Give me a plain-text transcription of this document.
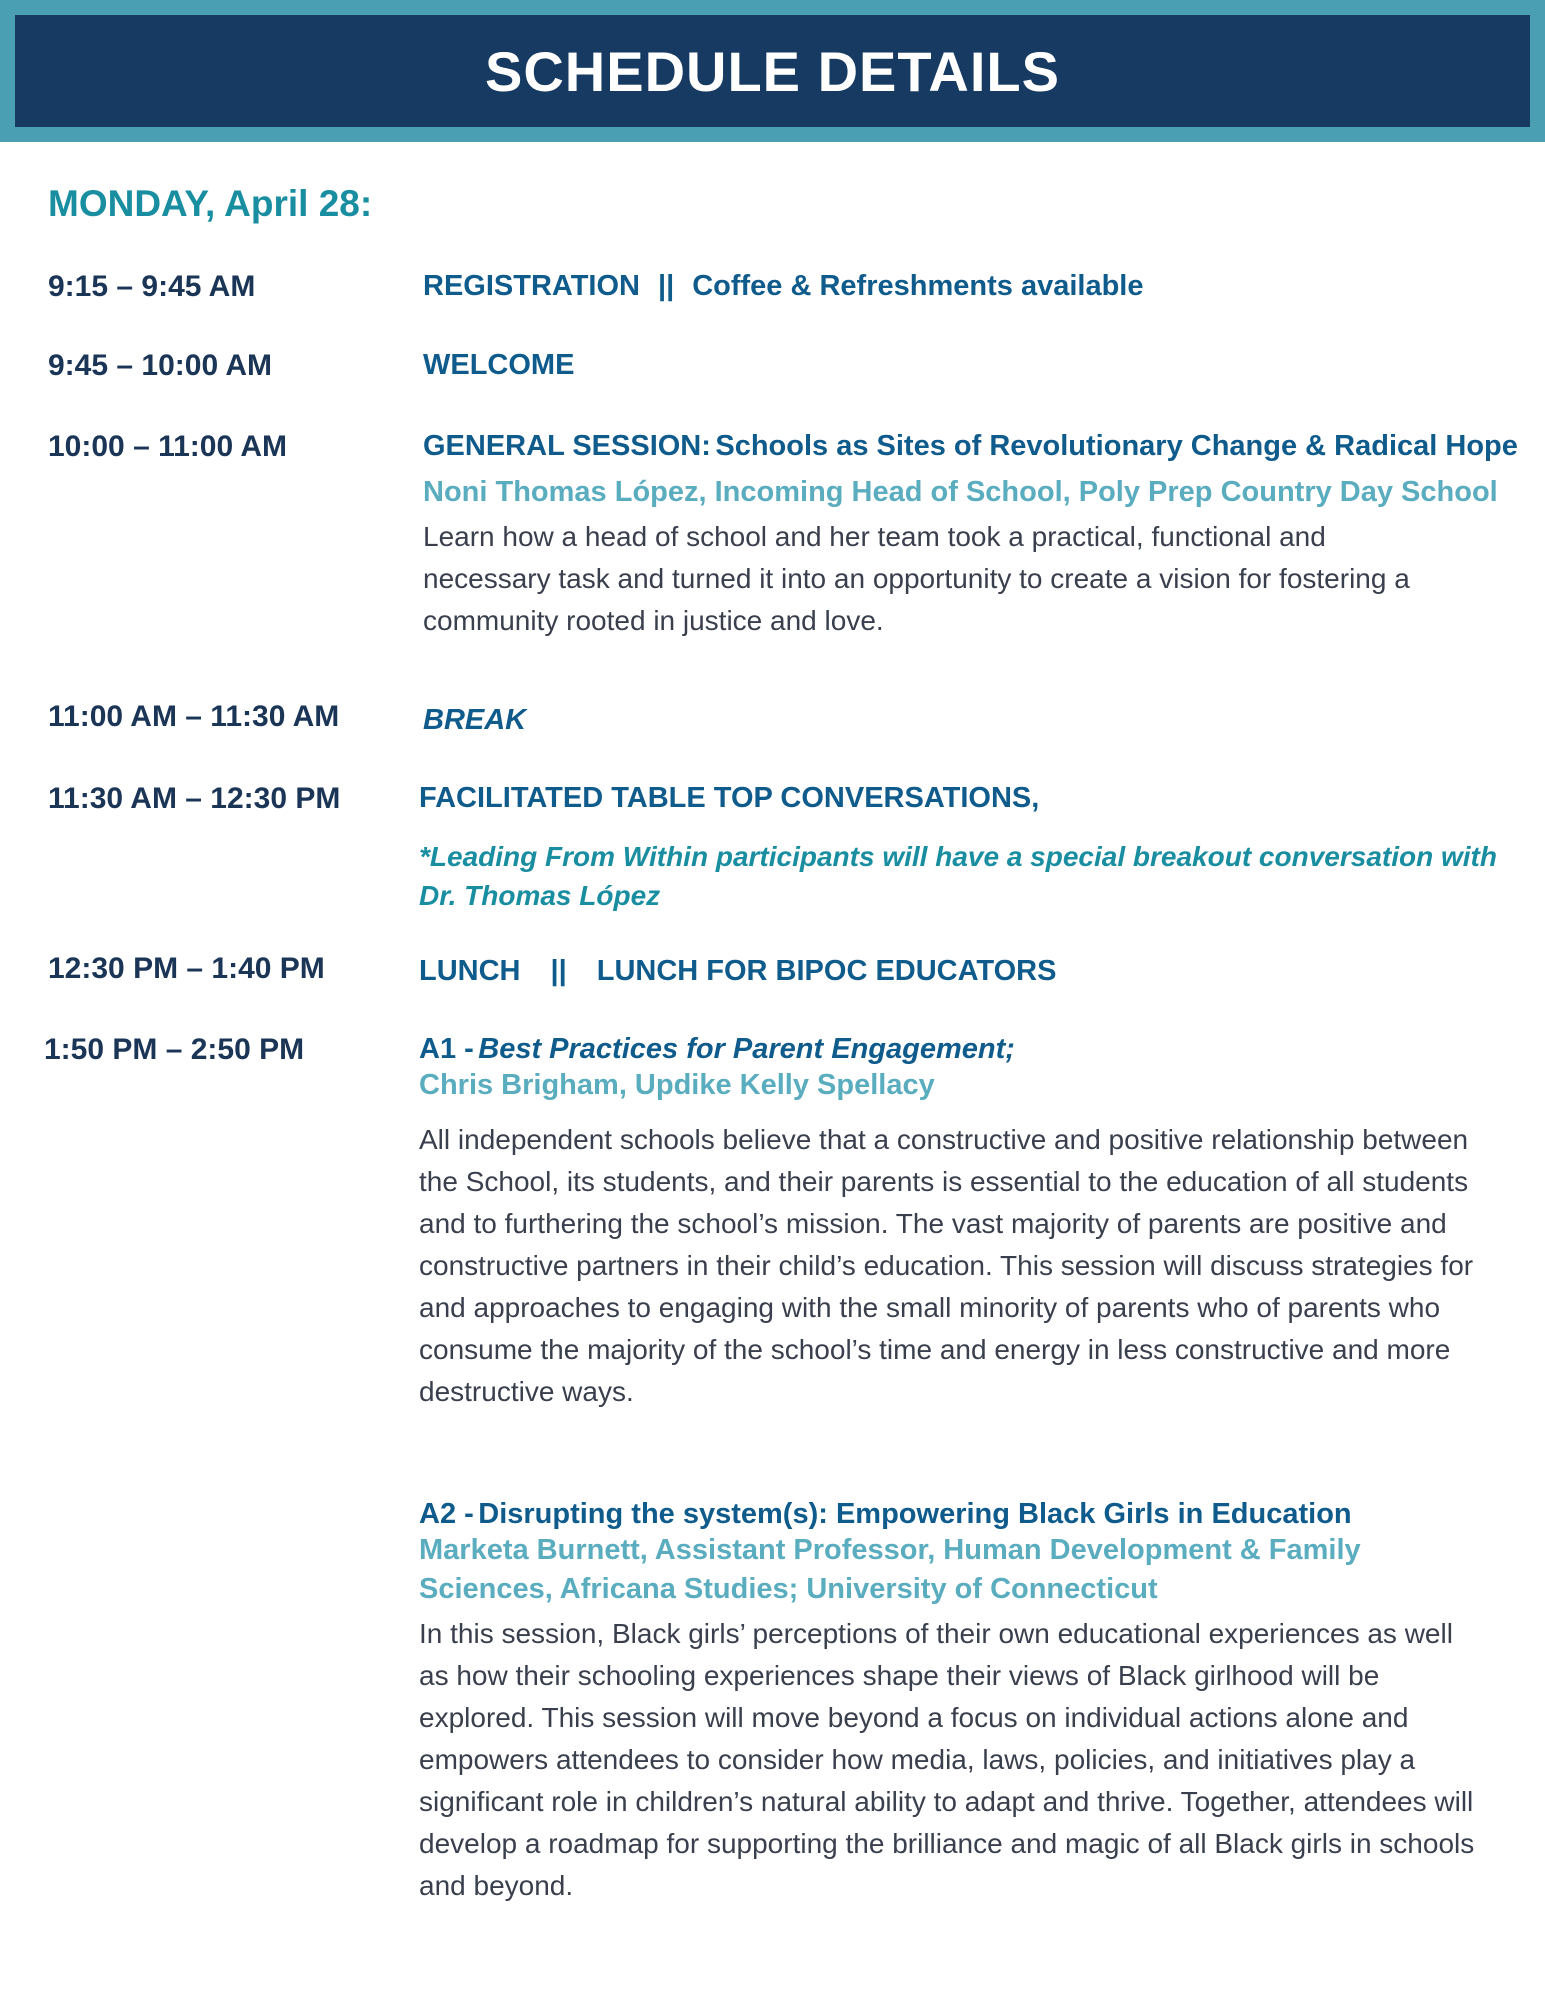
SCHEDULE DETAILS
MONDAY, April 28:
9:15 – 9:45 AM	REGISTRATION || Coffee & Refreshments available
9:45 – 10:00 AM	WELCOME
10:00 – 11:00 AM	GENERAL SESSION: Schools as Sites of Revolutionary Change & Radical Hope
Noni Thomas López, Incoming Head of School, Poly Prep Country Day School
Learn how a head of school and her team took a practical, functional and necessary task and turned it into an opportunity to create a vision for fostering a community rooted in justice and love.
11:00 AM – 11:30 AM	BREAK
11:30 AM – 12:30 PM	FACILITATED TABLE TOP CONVERSATIONS,
*Leading From Within participants will have a special breakout conversation with Dr. Thomas López
12:30 PM – 1:40 PM	LUNCH || LUNCH FOR BIPOC EDUCATORS
1:50 PM – 2:50 PM	A1 - Best Practices for Parent Engagement;
Chris Brigham, Updike Kelly Spellacy
All independent schools believe that a constructive and positive relationship between the School, its students, and their parents is essential to the education of all students and to furthering the school’s mission. The vast majority of parents are positive and constructive partners in their child’s education. This session will discuss strategies for and approaches to engaging with the small minority of parents who of parents who consume the majority of the school’s time and energy in less constructive and more destructive ways.
A2 - Disrupting the system(s): Empowering Black Girls in Education
Marketa Burnett, Assistant Professor, Human Development & Family Sciences, Africana Studies; University of Connecticut
In this session, Black girls’ perceptions of their own educational experiences as well as how their schooling experiences shape their views of Black girlhood will be explored. This session will move beyond a focus on individual actions alone and empowers attendees to consider how media, laws, policies, and initiatives play a significant role in children’s natural ability to adapt and thrive. Together, attendees will develop a roadmap for supporting the brilliance and magic of all Black girls in schools and beyond.
